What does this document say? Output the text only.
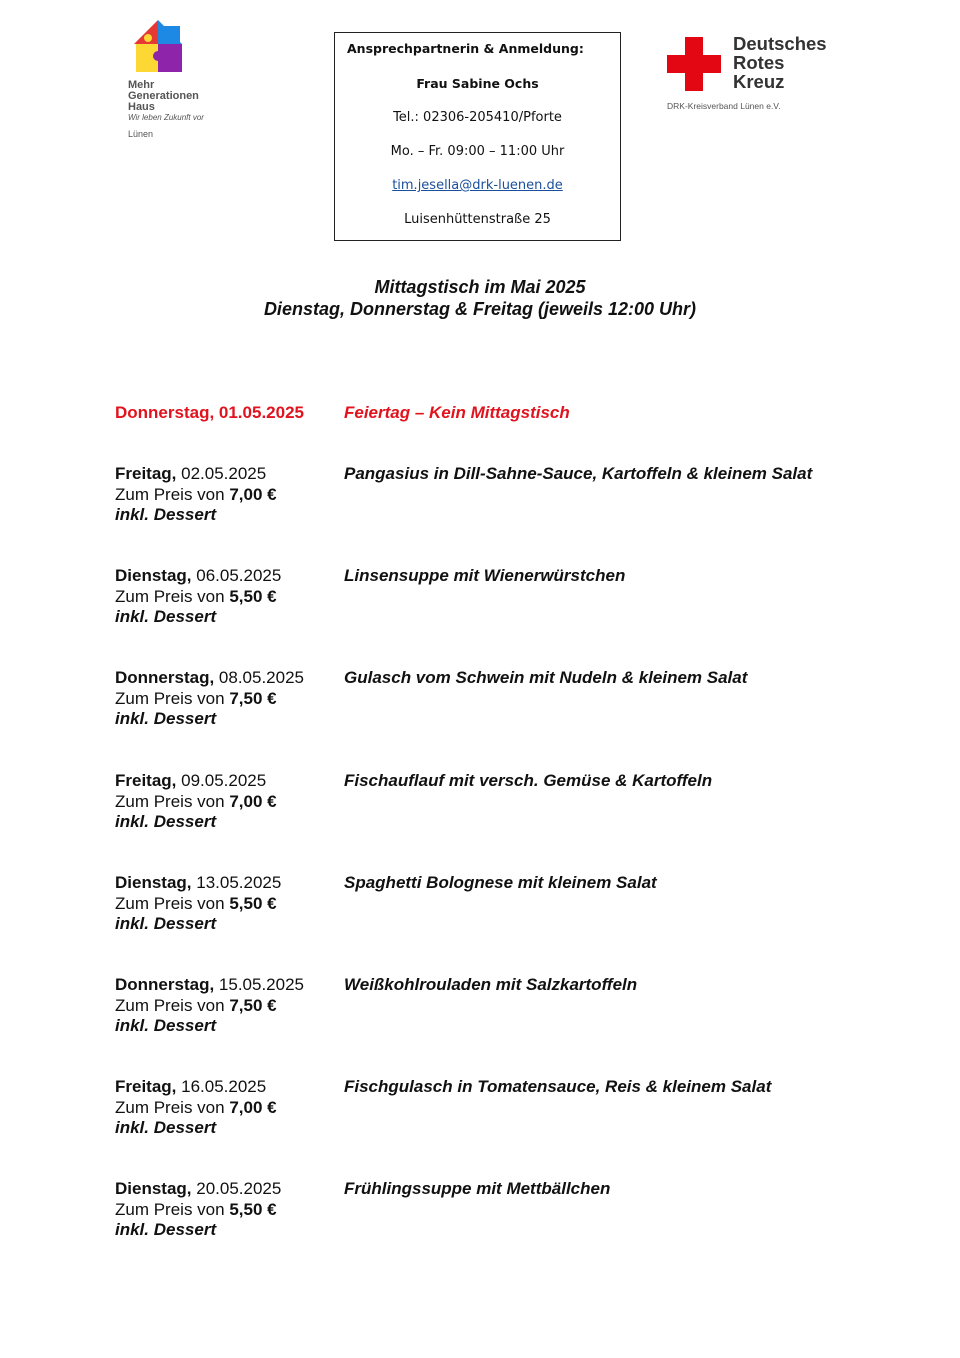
Mehr
Generationen
Haus
Wir leben Zukunft vor
Lünen
Ansprechpartnerin & Anmeldung:
Frau Sabine Ochs
Tel.: 02306-205410/Pforte
Mo. – Fr. 09:00 – 11:00 Uhr
tim.jesella@drk-luenen.de
Luisenhüttenstraße 25
Deutsches
Rotes
Kreuz
DRK-Kreisverband Lünen e.V.
Mittagstisch im Mai 2025
Dienstag, Donnerstag & Freitag (jeweils 12:00 Uhr)
Donnerstag, 01.05.2025	Feiertag – Kein Mittagstisch
Freitag, 02.05.2025
Zum Preis von 7,00 €
inkl. Dessert
Pangasius in Dill-Sahne-Sauce, Kartoffeln & kleinem Salat
Dienstag, 06.05.2025
Zum Preis von 5,50 €
inkl. Dessert
Linsensuppe mit Wienerwürstchen
Donnerstag, 08.05.2025
Zum Preis von 7,50 €
inkl. Dessert
Gulasch vom Schwein mit Nudeln & kleinem Salat
Freitag, 09.05.2025
Zum Preis von 7,00 €
inkl. Dessert
Fischauflauf mit versch. Gemüse & Kartoffeln
Dienstag, 13.05.2025
Zum Preis von 5,50 €
inkl. Dessert
Spaghetti Bolognese mit kleinem Salat
Donnerstag, 15.05.2025
Zum Preis von 7,50 €
inkl. Dessert
Weißkohlrouladen mit Salzkartoffeln
Freitag, 16.05.2025
Zum Preis von 7,00 €
inkl. Dessert
Fischgulasch in Tomatensauce, Reis & kleinem Salat
Dienstag, 20.05.2025
Zum Preis von 5,50 €
inkl. Dessert
Frühlingssuppe mit Mettbällchen
